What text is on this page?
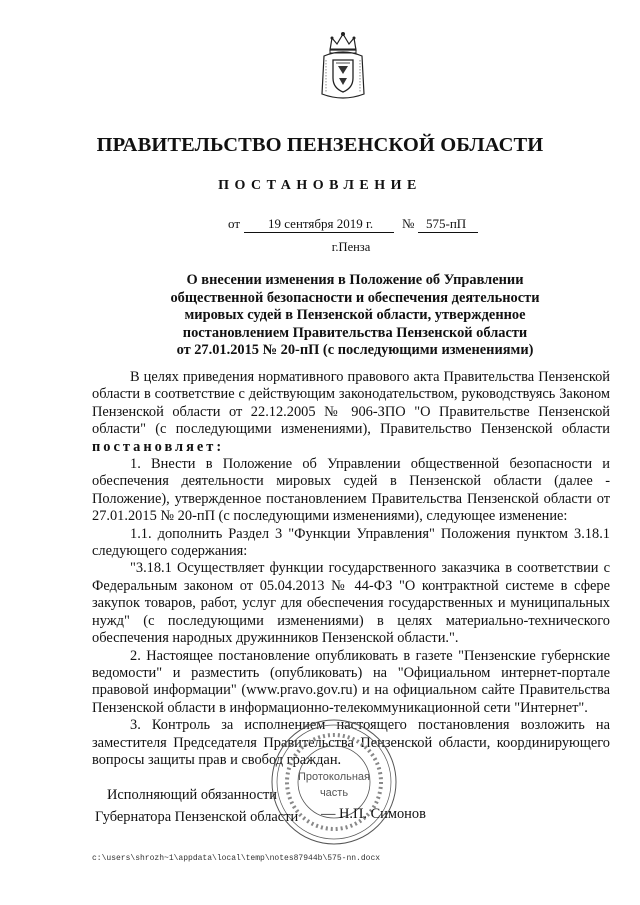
ПРАВИТЕЛЬСТВО ПЕНЗЕНСКОЙ ОБЛАСТИ
ПОСТАНОВЛЕНИЕ
от 19 сентября 2019 г. № 575-пП
г.Пенза
О внесении изменения в Положение об Управлении
общественной безопасности и обеспечения деятельности
мировых судей в Пензенской области, утвержденное
постановлением Правительства Пензенской области
от 27.01.2015 № 20-пП (с последующими изменениями)

В целях приведения нормативного правового акта Правительства Пензенской области в соответствие с действующим законодательством, руководствуясь Законом Пензенской области от 22.12.2005 № 906-ЗПО "О Правительстве Пензенской области" (с последующими изменениями), Правительство Пензенской области постановляет:

1. Внести в Положение об Управлении общественной безопасности и обеспечения деятельности мировых судей в Пензенской области (далее - Положение), утвержденное постановлением Правительства Пензенской области от 27.01.2015 № 20-пП (с последующими изменениями), следующее изменение:

1.1. дополнить Раздел 3 "Функции Управления" Положения пунктом 3.18.1 следующего содержания:

"3.18.1 Осуществляет функции государственного заказчика в соответствии с Федеральным законом от 05.04.2013 № 44-ФЗ "О контрактной системе в сфере закупок товаров, работ, услуг для обеспечения государственных и муниципальных нужд" (с последующими изменениями) в целях материально-технического обеспечения народных дружинников Пензенской области.".

2. Настоящее постановление опубликовать в газете "Пензенские губернские ведомости" и разместить (опубликовать) на "Официальном интернет-портале правовой информации" (www.pravo.gov.ru) и на официальном сайте Правительства Пензенской области в информационно-телекоммуникационной сети "Интернет".

3. Контроль за исполнением настоящего постановления возложить на заместителя Председателя Правительства Пензенской области, координирующего вопросы защиты прав и свобод граждан.

Протокольная
часть
Исполняющий обязанности
Губернатора Пензенской области — Н.П. Симонов
c:\users\shrozh~1\appdata\local\temp\notes87944b\575-nn.docx
